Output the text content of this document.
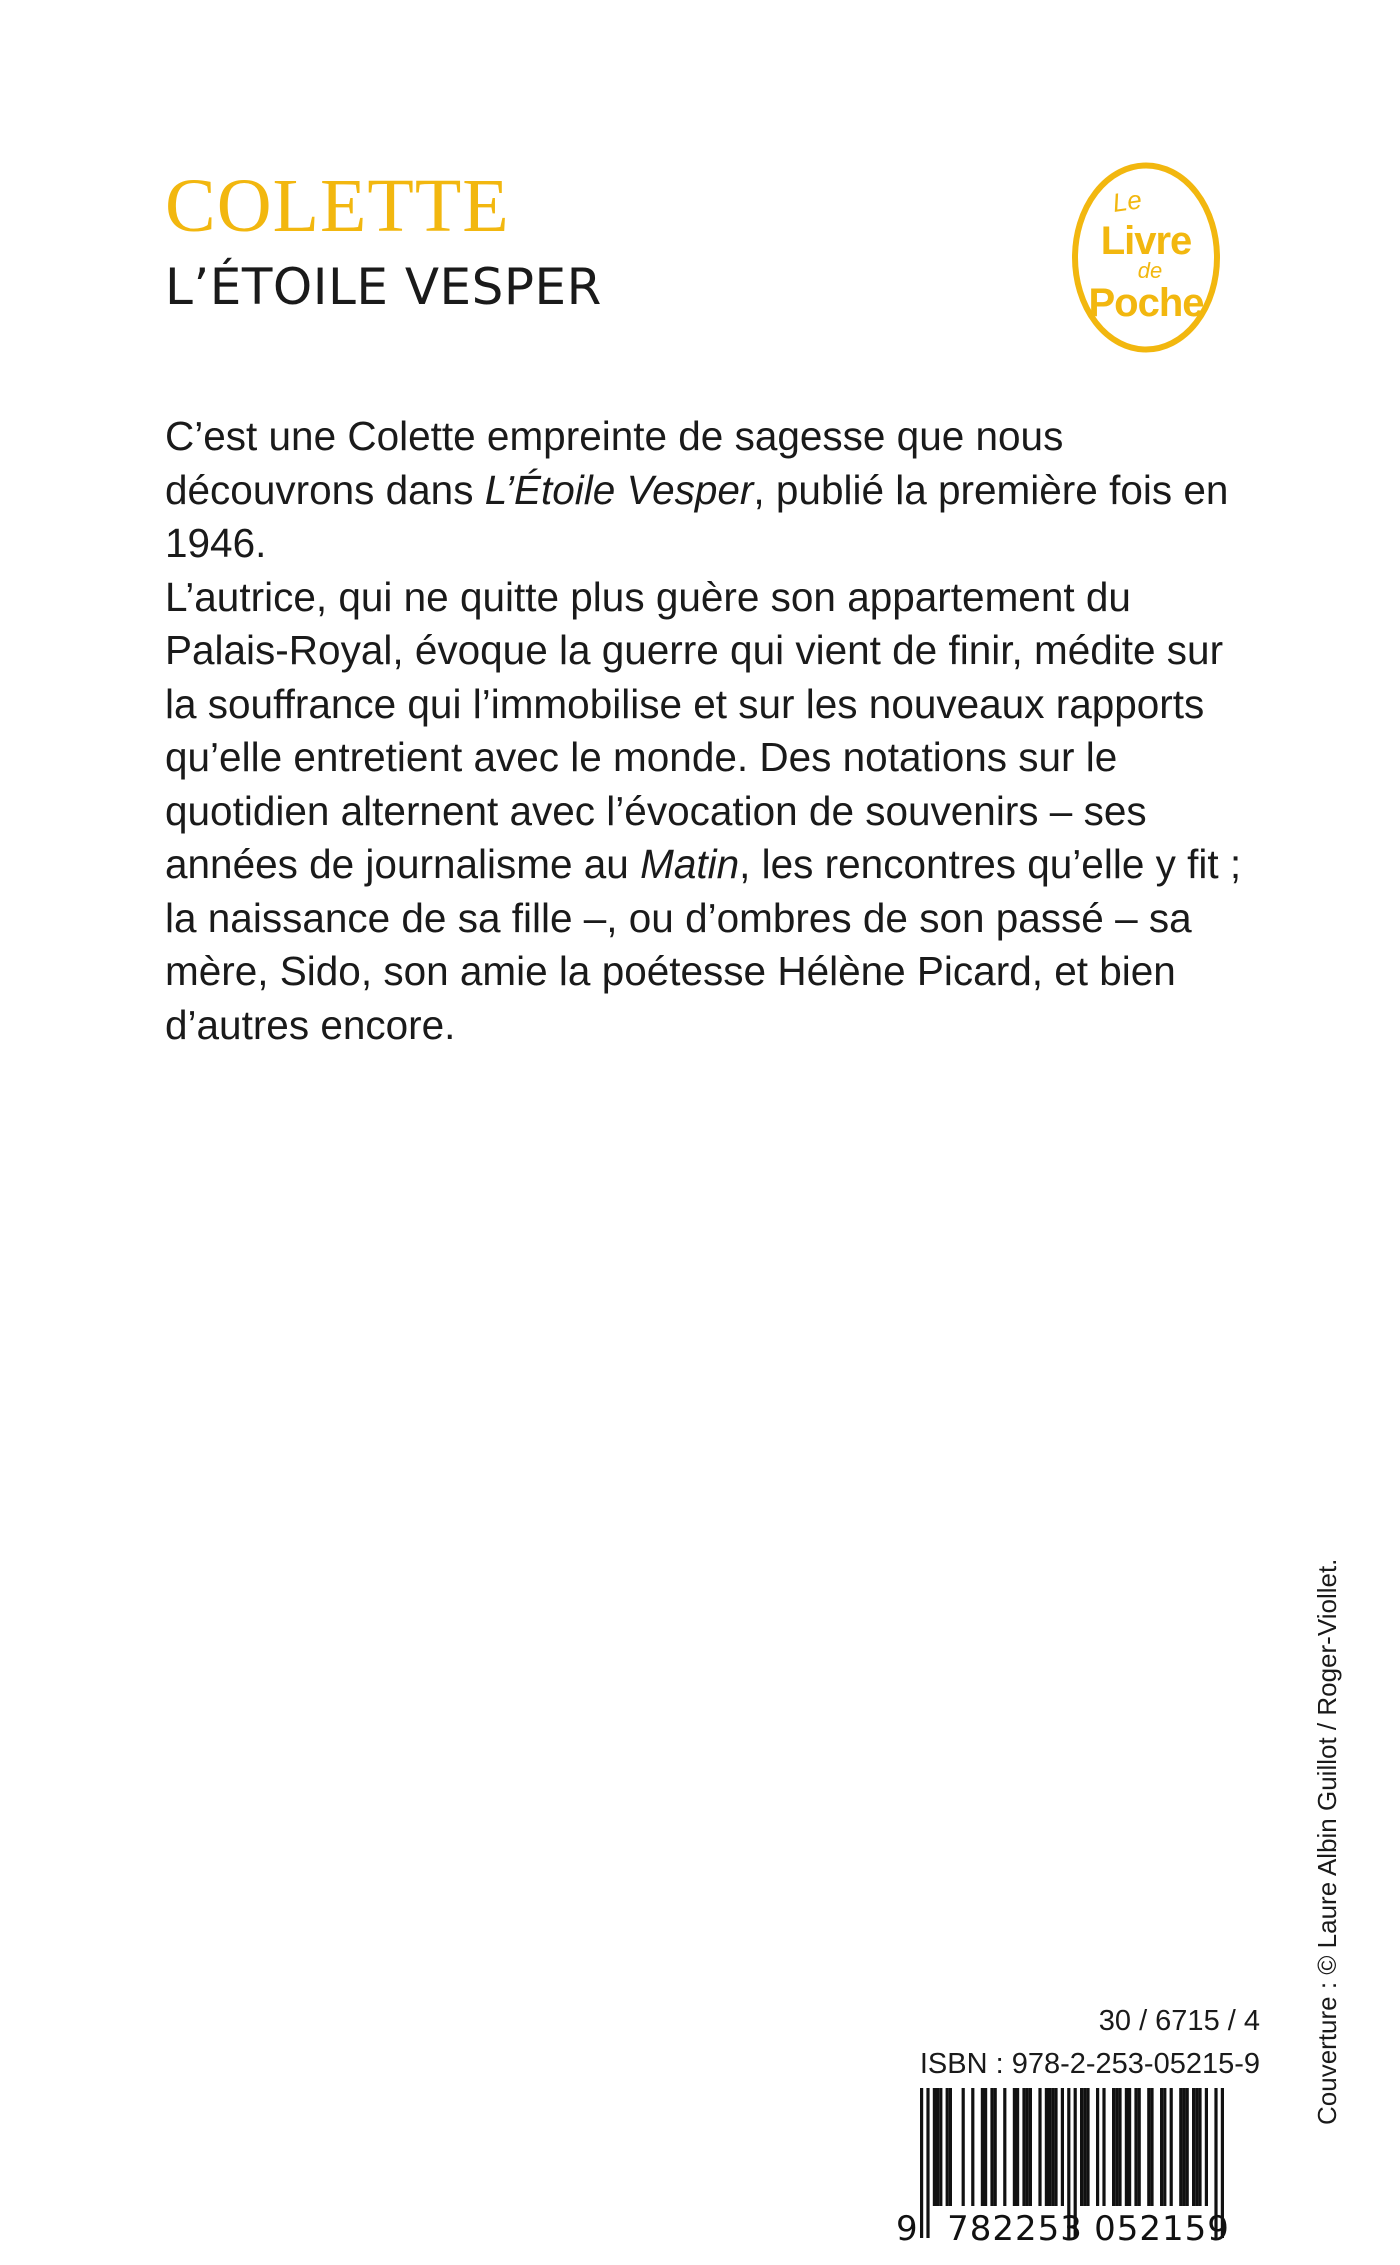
COLETTE
L’ÉTOILE VESPER
Le
Livre
de
Poche

C’est une Colette empreinte de sagesse que nous découvrons dans L’Étoile Vesper, publié la première fois en 1946.

L’autrice, qui ne quitte plus guère son appartement du Palais-Royal, évoque la guerre qui vient de finir, médite sur la souffrance qui l’immobilise et sur les nouveaux rapports qu’elle entretient avec le monde. Des notations sur le quotidien alternent avec l’évocation de souvenirs – ses années de journalisme au Matin, les rencontres qu’elle y fit ; la naissance de sa fille –, ou d’ombres de son passé – sa mère, Sido, son amie la poétesse Hélène Picard, et bien d’autres encore.

Couverture : © Laure Albin Guillot / Roger-Viollet.
30 / 6715 / 4
ISBN : 978-2-253-05215-9
9 782253 052159
